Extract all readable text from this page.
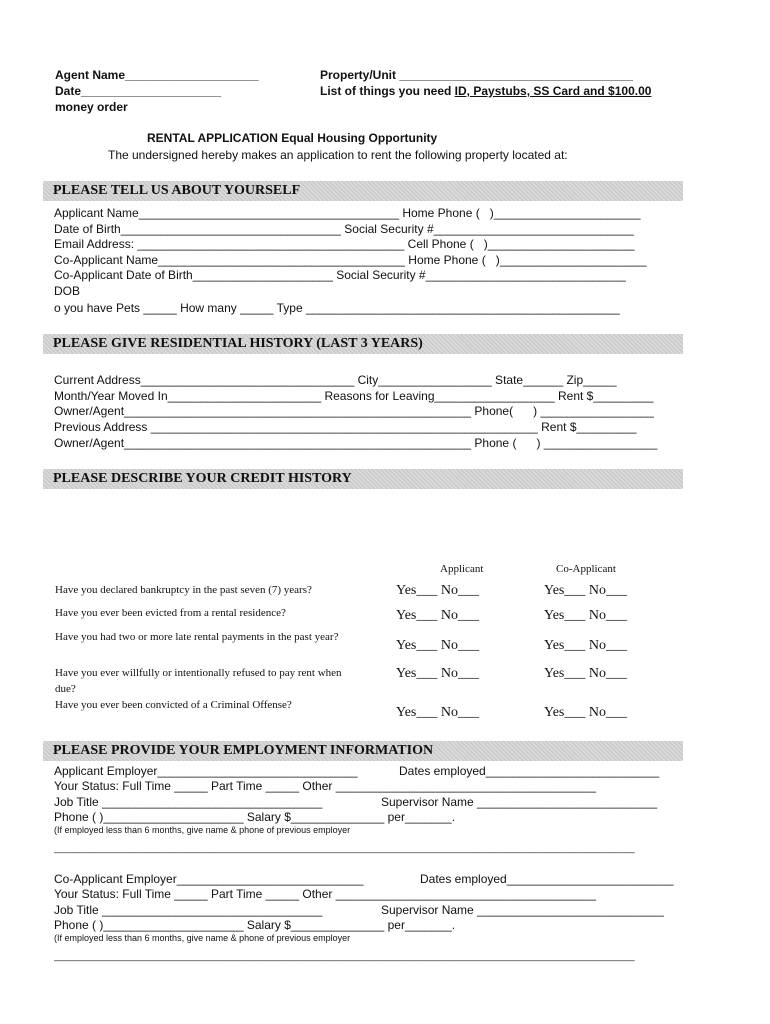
Agent Name____________________
Date_____________________
money order
Property/Unit ___________________________________
List of things you need ID, Paystubs, SS Card and $100.00
RENTAL APPLICATION Equal Housing Opportunity
The undersigned hereby makes an application to rent the following property located at:
PLEASE TELL US ABOUT YOURSELF
Applicant Name_______________________________________ Home Phone ( )______________________
Date of Birth_________________________________ Social Security #______________________________
Email Address: ________________________________________ Cell Phone ( )______________________
Co-Applicant Name_____________________________________ Home Phone ( )______________________
Co-Applicant Date of Birth_____________________ Social Security #______________________________
DOB
o you have Pets _____ How many _____ Type _______________________________________________
PLEASE GIVE RESIDENTIAL HISTORY (LAST 3 YEARS)
Current Address________________________________ City_________________ State______ Zip_____
Month/Year Moved In_______________________ Reasons for Leaving__________________ Rent $_________
Owner/Agent____________________________________________________ Phone( ) _________________
Previous Address __________________________________________________________ Rent $_________
Owner/Agent____________________________________________________ Phone ( ) _________________
PLEASE DESCRIBE YOUR CREDIT HISTORY
Applicant	Co-Applicant
Have you declared bankruptcy in the past seven (7) years?	Yes___ No___	Yes___ No___
Have you ever been evicted from a rental residence?	Yes___ No___	Yes___ No___
Have you had two or more late rental payments in the past year?
Yes___ No___	Yes___ No___
Have you ever willfully or intentionally refused to pay rent when due?
Yes___ No___	Yes___ No___
Have you ever been convicted of a Criminal Offense?	Yes___ No___	Yes___ No___
PLEASE PROVIDE YOUR EMPLOYMENT INFORMATION
Applicant Employer______________________________	Dates employed__________________________
Your Status: Full Time _____ Part Time _____ Other _______________________________________
Job Title _________________________________	Supervisor Name ___________________________
Phone ( )_____________________ Salary $______________ per_______.
(If employed less than 6 months, give name & phone of previous employer
____________________________________________________________________________________________________________________
Co-Applicant Employer____________________________	Dates employed_________________________
Your Status: Full Time _____ Part Time _____ Other _______________________________________
Job Title _________________________________	Supervisor Name ____________________________
Phone ( )_____________________ Salary $______________ per_______.
(If employed less than 6 months, give name & phone of previous employer
____________________________________________________________________________________________________________________
